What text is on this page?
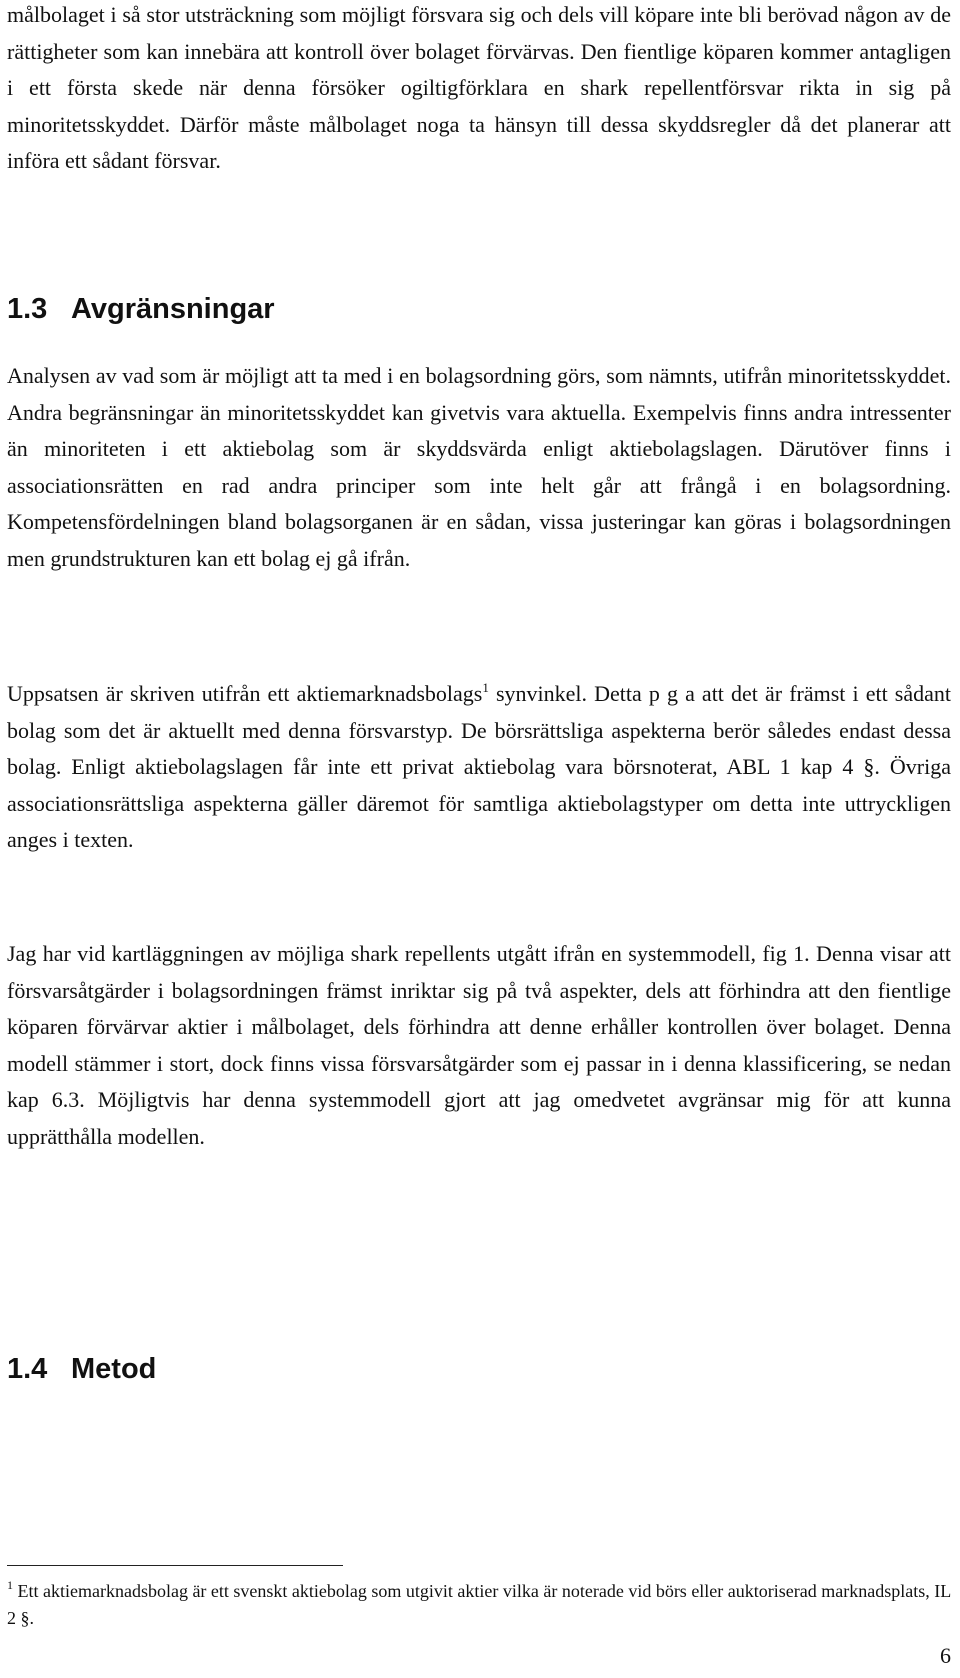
målbolaget i så stor utsträckning som möjligt försvara sig och dels vill köpare inte bli berövad någon av de rättigheter som kan innebära att kontroll över bolaget förvärvas. Den fientlige köparen kommer antagligen i ett första skede när denna försöker ogiltigförklara en shark repellentförsvar rikta in sig på minoritetsskyddet. Därför måste målbolaget noga ta hänsyn till dessa skyddsregler då det planerar att införa ett sådant försvar.

1.3 Avgränsningar

Analysen av vad som är möjligt att ta med i en bolagsordning görs, som nämnts, utifrån minoritetsskyddet. Andra begränsningar än minoritetsskyddet kan givetvis vara aktuella. Exempelvis finns andra intressenter än minoriteten i ett aktiebolag som är skyddsvärda enligt aktiebolagslagen. Därutöver finns i associationsrätten en rad andra principer som inte helt går att frångå i en bolagsordning. Kompetensfördelningen bland bolagsorganen är en sådan, vissa justeringar kan göras i bolagsordningen men grundstrukturen kan ett bolag ej gå ifrån.

Uppsatsen är skriven utifrån ett aktiemarknadsbolags$^1$ synvinkel. Detta p g a att det är främst i ett sådant bolag som det är aktuellt med denna försvarstyp. De börsrättsliga aspekterna berör således endast dessa bolag. Enligt aktiebolagslagen får inte ett privat aktiebolag vara börsnoterat, ABL 1 kap 4 §. Övriga associationsrättsliga aspekterna gäller däremot för samtliga aktiebolagstyper om detta inte uttryckligen anges i texten.

Jag har vid kartläggningen av möjliga shark repellents utgått ifrån en systemmodell, fig 1. Denna visar att försvarsåtgärder i bolagsordningen främst inriktar sig på två aspekter, dels att förhindra att den fientlige köparen förvärvar aktier i målbolaget, dels förhindra att denne erhåller kontrollen över bolaget. Denna modell stämmer i stort, dock finns vissa försvarsåtgärder som ej passar in i denna klassificering, se nedan kap 6.3. Möjligtvis har denna systemmodell gjort att jag omedvetet avgränsar mig för att kunna upprätthålla modellen.

1.4 Metod

$^1$ Ett aktiemarknadsbolag är ett svenskt aktiebolag som utgivit aktier vilka är noterade vid börs eller auktoriserad marknadsplats, IL 2 §.

6
